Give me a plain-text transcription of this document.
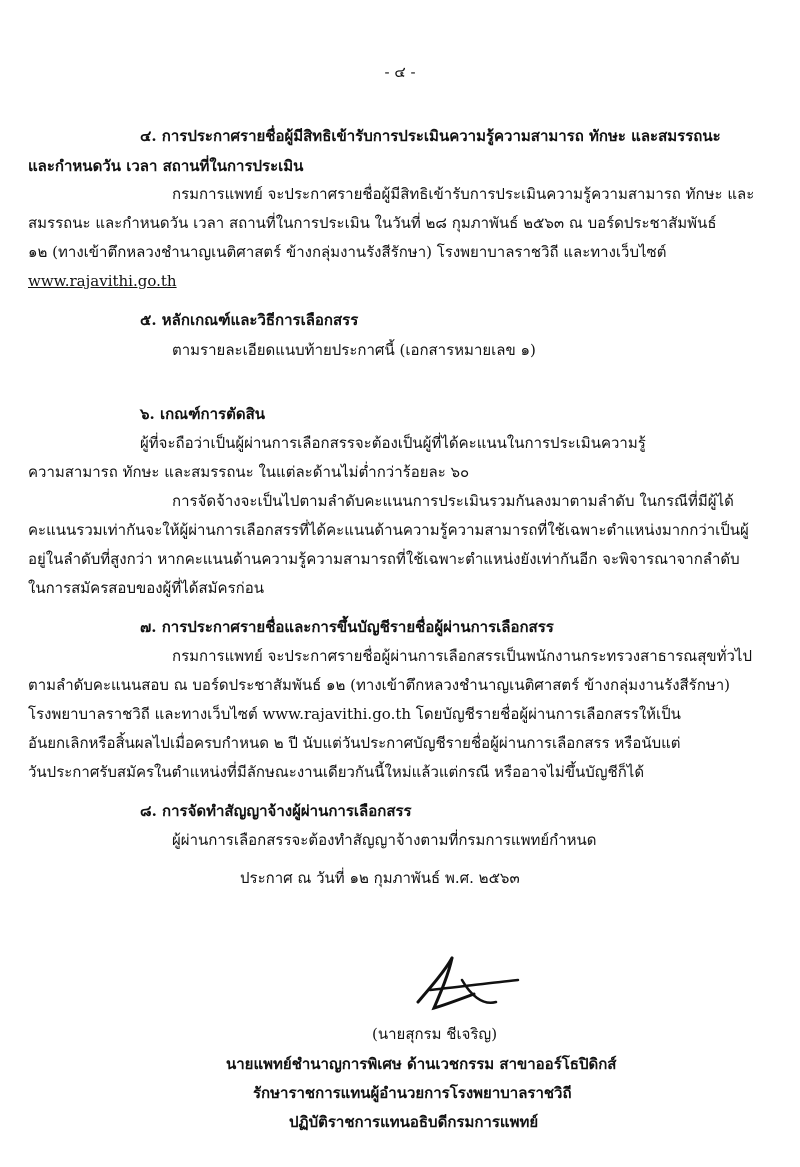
- ๔ -
๔. การประกาศรายชื่อผู้มีสิทธิเข้ารับการประเมินความรู้ความสามารถ ทักษะ และสมรรถนะ
และกำหนดวัน เวลา สถานที่ในการประเมิน
กรมการแพทย์ จะประกาศรายชื่อผู้มีสิทธิเข้ารับการประเมินความรู้ความสามารถ ทักษะ และ
สมรรถนะ และกำหนดวัน เวลา สถานที่ในการประเมิน ในวันที่ ๒๘ กุมภาพันธ์ ๒๕๖๓ ณ บอร์ดประชาสัมพันธ์
๑๒ (ทางเข้าตึกหลวงชำนาญเนติศาสตร์ ข้างกลุ่มงานรังสีรักษา) โรงพยาบาลราชวิถี และทางเว็บไซต์
www.rajavithi.go.th
๕. หลักเกณฑ์และวิธีการเลือกสรร
ตามรายละเอียดแนบท้ายประกาศนี้ (เอกสารหมายเลข ๑)
๖. เกณฑ์การตัดสิน
ผู้ที่จะถือว่าเป็นผู้ผ่านการเลือกสรรจะต้องเป็นผู้ที่ได้คะแนนในการประเมินความรู้
ความสามารถ ทักษะ และสมรรถนะ ในแต่ละด้านไม่ต่ำกว่าร้อยละ ๖๐
การจัดจ้างจะเป็นไปตามลำดับคะแนนการประเมินรวมกันลงมาตามลำดับ ในกรณีที่มีผู้ได้
คะแนนรวมเท่ากันจะให้ผู้ผ่านการเลือกสรรที่ได้คะแนนด้านความรู้ความสามารถที่ใช้เฉพาะตำแหน่งมากกว่าเป็นผู้
อยู่ในลำดับที่สูงกว่า หากคะแนนด้านความรู้ความสามารถที่ใช้เฉพาะตำแหน่งยังเท่ากันอีก จะพิจารณาจากลำดับ
ในการสมัครสอบของผู้ที่ได้สมัครก่อน
๗. การประกาศรายชื่อและการขึ้นบัญชีรายชื่อผู้ผ่านการเลือกสรร
กรมการแพทย์ จะประกาศรายชื่อผู้ผ่านการเลือกสรรเป็นพนักงานกระทรวงสาธารณสุขทั่วไป
ตามลำดับคะแนนสอบ ณ บอร์ดประชาสัมพันธ์ ๑๒ (ทางเข้าตึกหลวงชำนาญเนติศาสตร์ ข้างกลุ่มงานรังสีรักษา)
โรงพยาบาลราชวิถี และทางเว็บไซต์ www.rajavithi.go.th โดยบัญชีรายชื่อผู้ผ่านการเลือกสรรให้เป็น
อันยกเลิกหรือสิ้นผลไปเมื่อครบกำหนด ๒ ปี นับแต่วันประกาศบัญชีรายชื่อผู้ผ่านการเลือกสรร หรือนับแต่
วันประกาศรับสมัครในตำแหน่งที่มีลักษณะงานเดียวกันนี้ใหม่แล้วแต่กรณี หรืออาจไม่ขึ้นบัญชีก็ได้
๘. การจัดทำสัญญาจ้างผู้ผ่านการเลือกสรร
ผู้ผ่านการเลือกสรรจะต้องทำสัญญาจ้างตามที่กรมการแพทย์กำหนด
ประกาศ ณ วันที่ ๑๒ กุมภาพันธ์ พ.ศ. ๒๕๖๓
(นายสุกรม ชีเจริญ)
นายแพทย์ชำนาญการพิเศษ ด้านเวชกรรม สาขาออร์โธปิดิกส์
รักษาราชการแทนผู้อำนวยการโรงพยาบาลราชวิถี
ปฏิบัติราชการแทนอธิบดีกรมการแพทย์
